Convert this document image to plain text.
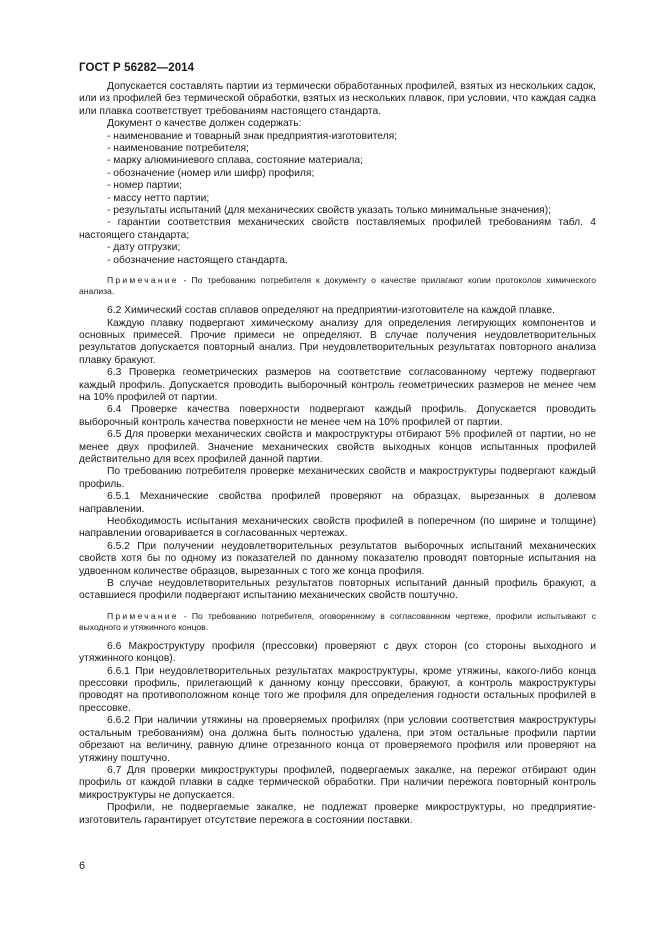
ГОСТ Р 56282—2014

Допускается составлять партии из термически обработанных профилей, взятых из нескольких садок, или из профилей без термической обработки, взятых из нескольких плавок, при условии, что каждая садка или плавка соответствует требованиям настоящего стандарта.

Документ о качестве должен содержать:

- наименование и товарный знак предприятия-изготовителя;

- наименование потребителя;

- марку алюминиевого сплава, состояние материала;

- обозначение (номер или шифр) профиля;

- номер партии;

- массу нетто партии;

- результаты испытаний (для механических свойств указать только минимальные значения);

- гарантии соответствия механических свойств поставляемых профилей требованиям табл. 4 настоящего стандарта;

- дату отгрузки;

- обозначение настоящего стандарта.

Примечание - По требованию потребителя к документу о качестве прилагают копии протоколов химического анализа.

6.2 Химический состав сплавов определяют на предприятии-изготовителе на каждой плавке.

Каждую плавку подвергают химическому анализу для определения легирующих компонентов и основных примесей. Прочие примеси не определяют. В случае получения неудовлетворительных результатов допускается повторный анализ. При неудовлетворительных результатах повторного анализа плавку бракуют.

6.3 Проверка геометрических размеров на соответствие согласованному чертежу подвергают каждый профиль. Допускается проводить выборочный контроль геометрических размеров не менее чем на 10% профилей от партии.

6.4 Проверке качества поверхности подвергают каждый профиль. Допускается проводить выборочный контроль качества поверхности не менее чем на 10% профилей от партии.

6.5 Для проверки механических свойств и макроструктуры отбирают 5% профилей от партии, но не менее двух профилей. Значение механических свойств выходных концов испытанных профилей действительно для всех профилей данной партии.

По требованию потребителя проверке механических свойств и макроструктуры подвергают каждый профиль.

6.5.1 Механические свойства профилей проверяют на образцах, вырезанных в долевом направлении.

Необходимость испытания механических свойств профилей в поперечном (по ширине и толщине) направлении оговаривается в согласованных чертежах.

6.5.2 При получении неудовлетворительных результатов выборочных испытаний механических свойств хотя бы по одному из показателей по данному показателю проводят повторные испытания на удвоенном количестве образцов, вырезанных с того же конца профиля.

В случае неудовлетворительных результатов повторных испытаний данный профиль бракуют, а оставшиеся профили подвергают испытанию механических свойств поштучно.

Примечание - По требованию потребителя, оговоренному в согласованном чертеже, профили испытывают с выходного и утяжинного концов.

6.6 Макроструктуру профиля (прессовки) проверяют с двух сторон (со стороны выходного и утяжинного концов).

6.6.1 При неудовлетворительных результатах макроструктуры, кроме утяжины, какого-либо конца прессовки профиль, прилегающий к данному концу прессовки, бракуют, а контроль макроструктуры проводят на противоположном конце того же профиля для определения годности остальных профилей в прессовке.

6.6.2 При наличии утяжины на проверяемых профилях (при условии соответствия макроструктуры остальным требованиям) она должна быть полностью удалена, при этом остальные профили партии обрезают на величину, равную длине отрезанного конца от проверяемого профиля или проверяют на утяжину поштучно.

6.7 Для проверки микроструктуры профилей, подвергаемых закалке, на пережог отбирают один профиль от каждой плавки в садке термической обработки. При наличии пережога повторный контроль микроструктуры не допускается.

Профили, не подвергаемые закалке, не подлежат проверке микроструктуры, но предприятие-изготовитель гарантирует отсутствие пережога в состоянии поставки.

6
